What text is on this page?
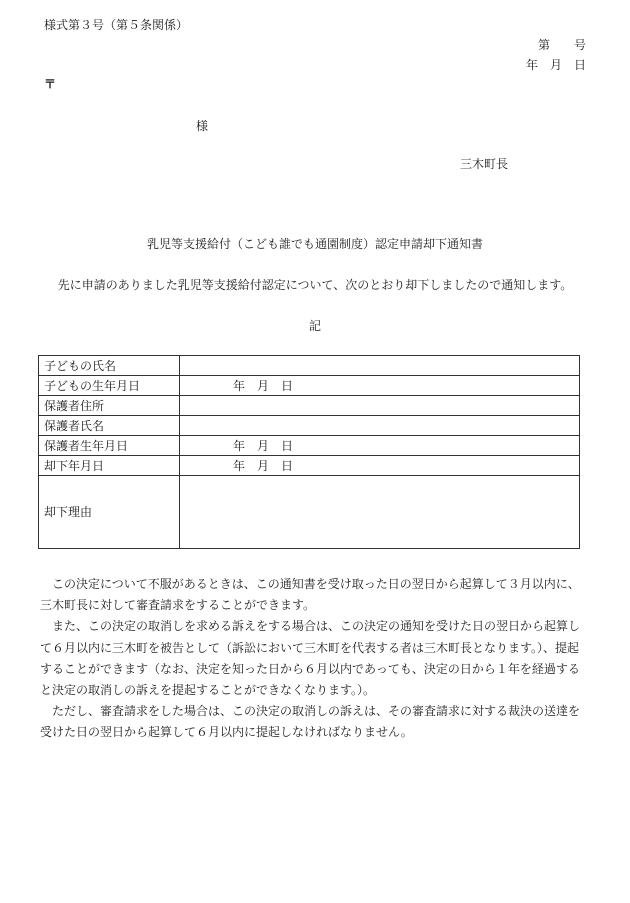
様式第３号（第５条関係）
第　　号
年　月　日
〒
様
三木町長
乳児等支援給付（こども誰でも通園制度）認定申請却下通知書
先に申請のありました乳児等支援給付認定について、次のとおり却下しましたので通知します。
記
子どもの氏名	
子どもの生年月日	年　月　日
保護者住所	
保護者氏名	
保護者生年月日	年　月　日
却下年月日	年　月　日
却下理由	

この決定について不服があるときは、この通知書を受け取った日の翌日から起算して３月以内に、三木町長に対して審査請求をすることができます。

また、この決定の取消しを求める訴えをする場合は、この決定の通知を受けた日の翌日から起算して６月以内に三木町を被告として（訴訟において三木町を代表する者は三木町長となります。）、提起することができます（なお、決定を知った日から６月以内であっても、決定の日から１年を経過すると決定の取消しの訴えを提起することができなくなります。）。

ただし、審査請求をした場合は、この決定の取消しの訴えは、その審査請求に対する裁決の送達を受けた日の翌日から起算して６月以内に提起しなければなりません。
